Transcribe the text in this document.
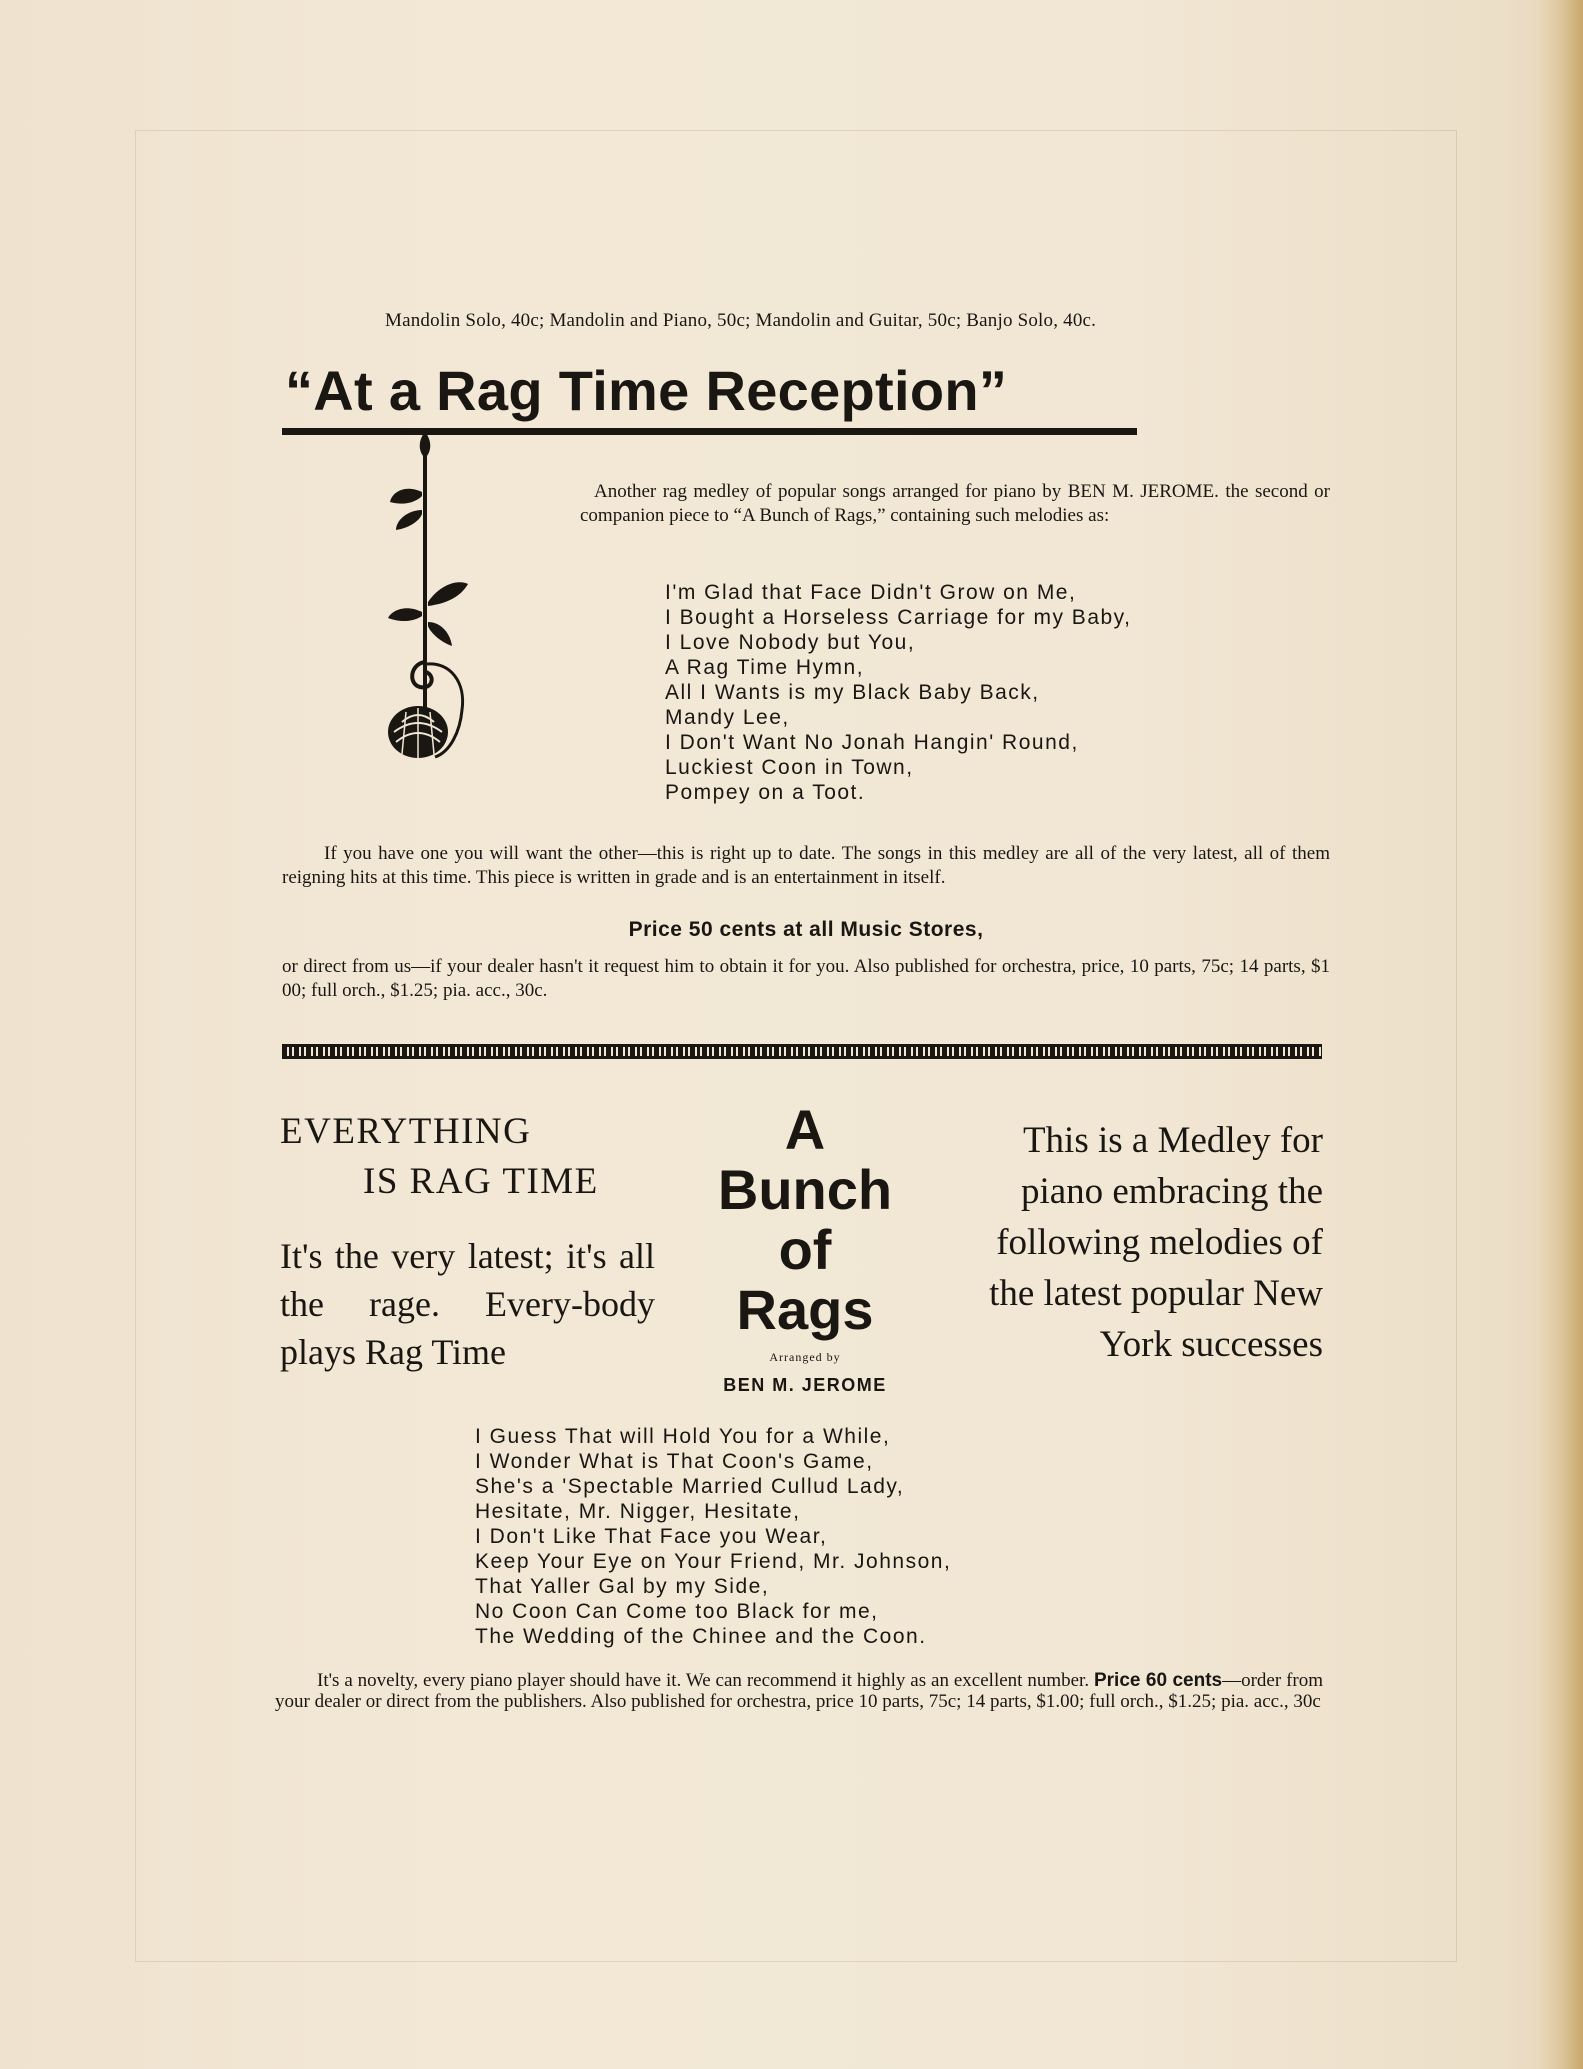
Mandolin Solo, 40c; Mandolin and Piano, 50c; Mandolin and Guitar, 50c; Banjo Solo, 40c.
“At a Rag Time Reception”
Another rag medley of popular songs arranged for piano by BEN M. JEROME. the second or companion piece to “A Bunch of Rags,” containing such melodies as:
I'm Glad that Face Didn't Grow on Me,
I Bought a Horseless Carriage for my Baby,
I Love Nobody but You,
A Rag Time Hymn,
All I Wants is my Black Baby Back,
Mandy Lee,
I Don't Want No Jonah Hangin' Round,
Luckiest Coon in Town,
Pompey on a Toot.
If you have one you will want the other—this is right up to date. The songs in this medley are all of the very latest, all of them reigning hits at this time. This piece is written in grade and is an entertainment in itself.
Price 50 cents at all Music Stores,
or direct from us—if your dealer hasn't it request him to obtain it for you. Also published for orchestra, price, 10 parts, 75c; 14 parts, $1 00; full orch., $1.25; pia. acc., 30c.
EVERYTHING
IS RAG TIME
It's the very latest; it's all the rage. Every-body plays Rag Time
A
Bunch
of
Rags
Arranged by
BEN M. JEROME
This is a Medley for piano embracing the following melodies of the latest popular New York successes
I Guess That will Hold You for a While,
I Wonder What is That Coon's Game,
She's a 'Spectable Married Cullud Lady,
Hesitate, Mr. Nigger, Hesitate,
I Don't Like That Face you Wear,
Keep Your Eye on Your Friend, Mr. Johnson,
That Yaller Gal by my Side,
No Coon Can Come too Black for me,
The Wedding of the Chinee and the Coon.
It's a novelty, every piano player should have it. We can recommend it highly as an excellent number. Price 60 cents—order from your dealer or direct from the publishers. Also published for orchestra, price 10 parts, 75c; 14 parts, $1.00; full orch., $1.25; pia. acc., 30c
